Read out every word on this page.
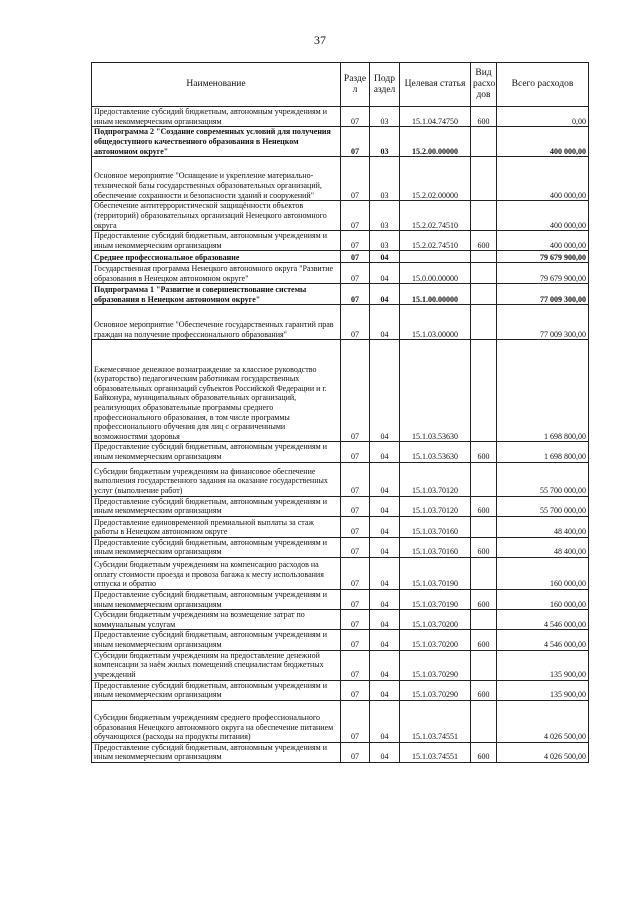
37
Наименование	Разде л	Подр аздел	Целевая статья	Вид расхо дов	Всего расходов
Предоставление субсидий бюджетным, автономным учреждениям и иным некоммерческим организациям	07	03	15.1.04.74750	600	0,00
Подпрограмма 2 "Создание современных условий для получения общедоступного качественного образования в Ненецком автономном округе"	07	03	15.2.00.00000		400 000,00
Основное мероприятие "Оснащение и укрепление материально-технической базы государственных образовательных организаций, обеспечение сохранности и безопасности зданий и сооружений"	07	03	15.2.02.00000		400 000,00
Обеспечение антитеррористической защищённости объектов (территорий) образовательных организаций Ненецкого автономного округа	07	03	15.2.02.74510		400 000,00
Предоставление субсидий бюджетным, автономным учреждениям и иным некоммерческим организациям	07	03	15.2.02.74510	600	400 000,00
Среднее профессиональное образование	07	04			79 679 900,00
Государственная программа Ненецкого автономного округа "Развитие образования в Ненецком автономном округе"	07	04	15.0.00.00000		79 679 900,00
Подпрограмма 1 "Развитие и совершенствование системы образования в Ненецком автономном округе"	07	04	15.1.00.00000		77 009 300,00
Основное мероприятие "Обеспечение государственных гарантий прав граждан на получение профессионального образования"	07	04	15.1.03.00000		77 009 300,00
Ежемесячное денежное вознаграждение за классное руководство (кураторство) педагогическим работникам государственных образовательных организаций субъектов Российской Федерации и г. Байконура, муниципальных образовательных организаций, реализующих образовательные программы среднего профессионального образования, в том числе программы профессионального обучения для лиц с ограниченными возможностями здоровья	07	04	15.1.03.53630		1 698 800,00
Предоставление субсидий бюджетным, автономным учреждениям и иным некоммерческим организациям	07	04	15.1.03.53630	600	1 698 800,00
Субсидии бюджетным учреждениям на финансовое обеспечение выполнения государственного задания на оказание государственных услуг (выполнение работ)	07	04	15.1.03.70120		55 700 000,00
Предоставление субсидий бюджетным, автономным учреждениям и иным некоммерческим организациям	07	04	15.1.03.70120	600	55 700 000,00
Предоставление единовременной премиальной выплаты за стаж работы в Ненецком автономном округе	07	04	15.1.03.70160		48 400,00
Предоставление субсидий бюджетным, автономным учреждениям и иным некоммерческим организациям	07	04	15.1.03.70160	600	48 400,00
Субсидии бюджетным учреждениям на компенсацию расходов на оплату стоимости проезда и провоза багажа к месту использования отпуска и обратно	07	04	15.1.03.70190		160 000,00
Предоставление субсидий бюджетным, автономным учреждениям и иным некоммерческим организациям	07	04	15.1.03.70190	600	160 000,00
Субсидии бюджетным учреждениям на возмещение затрат по коммунальным услугам	07	04	15.1.03.70200		4 546 000,00
Предоставление субсидий бюджетным, автономным учреждениям и иным некоммерческим организациям	07	04	15.1.03.70200	600	4 546 000,00
Субсидии бюджетным учреждениям на предоставление денежной компенсации за наём жилых помещений специалистам бюджетных учреждений	07	04	15.1.03.70290		135 900,00
Предоставление субсидий бюджетным, автономным учреждениям и иным некоммерческим организациям	07	04	15.1.03.70290	600	135 900,00
Субсидии бюджетным учреждениям среднего профессионального образования Ненецкого автономного округа на обеспечение питанием обучающихся (расходы на продукты питания)	07	04	15.1.03.74551		4 026 500,00
Предоставление субсидий бюджетным, автономным учреждениям и иным некоммерческим организациям	07	04	15.1.03.74551	600	4 026 500,00
